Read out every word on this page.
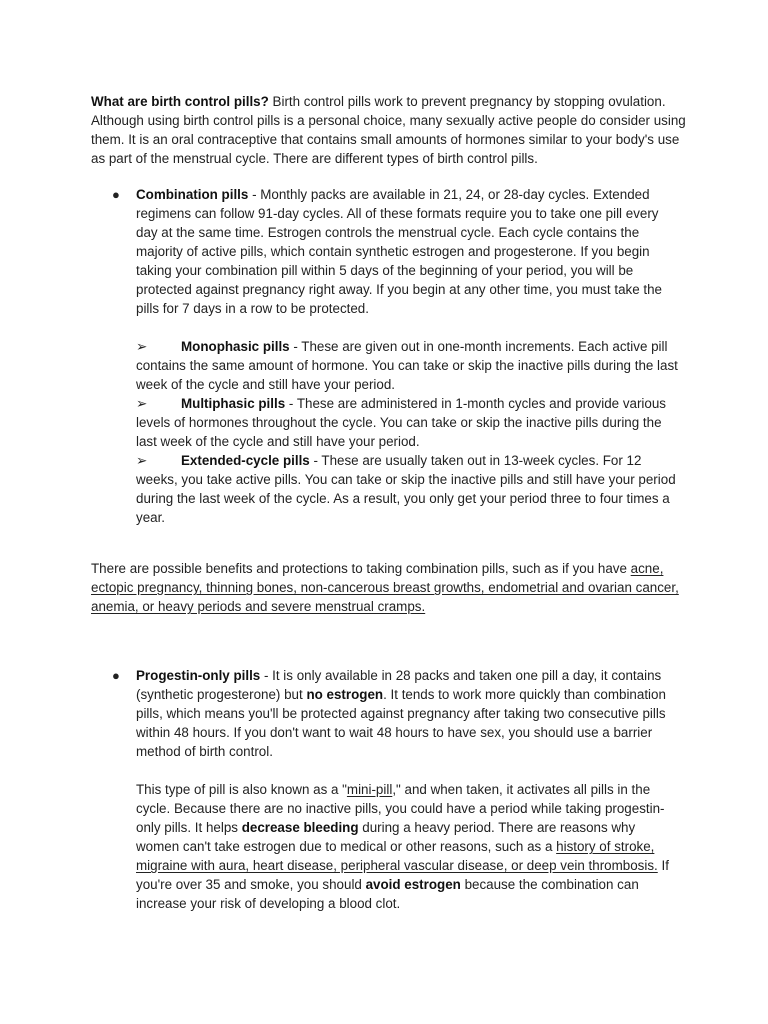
What are birth control pills? Birth control pills work to prevent pregnancy by stopping ovulation. Although using birth control pills is a personal choice, many sexually active people do consider using them. It is an oral contraceptive that contains small amounts of hormones similar to your body's use as part of the menstrual cycle. There are different types of birth control pills.

●	Combination pills - Monthly packs are available in 21, 24, or 28-day cycles. Extended regimens can follow 91-day cycles. All of these formats require you to take one pill every day at the same time. Estrogen controls the menstrual cycle. Each cycle contains the majority of active pills, which contain synthetic estrogen and progesterone. If you begin taking your combination pill within 5 days of the beginning of your period, you will be protected against pregnancy right away. If you begin at any other time, you must take the pills for 7 days in a row to be protected.

➢	Monophasic pills - These are given out in one-month increments. Each active pill contains the same amount of hormone. You can take or skip the inactive pills during the last week of the cycle and still have your period.

➢	Multiphasic pills - These are administered in 1-month cycles and provide various levels of hormones throughout the cycle. You can take or skip the inactive pills during the last week of the cycle and still have your period.

➢	Extended-cycle pills - These are usually taken out in 13-week cycles. For 12 weeks, you take active pills. You can take or skip the inactive pills and still have your period during the last week of the cycle. As a result, you only get your period three to four times a year.

There are possible benefits and protections to taking combination pills, such as if you have acne, ectopic pregnancy, thinning bones, non-cancerous breast growths, endometrial and ovarian cancer, anemia, or heavy periods and severe menstrual cramps.

●	Progestin-only pills - It is only available in 28 packs and taken one pill a day, it contains (synthetic progesterone) but no estrogen. It tends to work more quickly than combination pills, which means you'll be protected against pregnancy after taking two consecutive pills within 48 hours. If you don't want to wait 48 hours to have sex, you should use a barrier method of birth control.

This type of pill is also known as a "mini-pill," and when taken, it activates all pills in the cycle. Because there are no inactive pills, you could have a period while taking progestin-only pills. It helps decrease bleeding during a heavy period. There are reasons why women can't take estrogen due to medical or other reasons, such as a history of stroke, migraine with aura, heart disease, peripheral vascular disease, or deep vein thrombosis. If you're over 35 and smoke, you should avoid estrogen because the combination can increase your risk of developing a blood clot.
